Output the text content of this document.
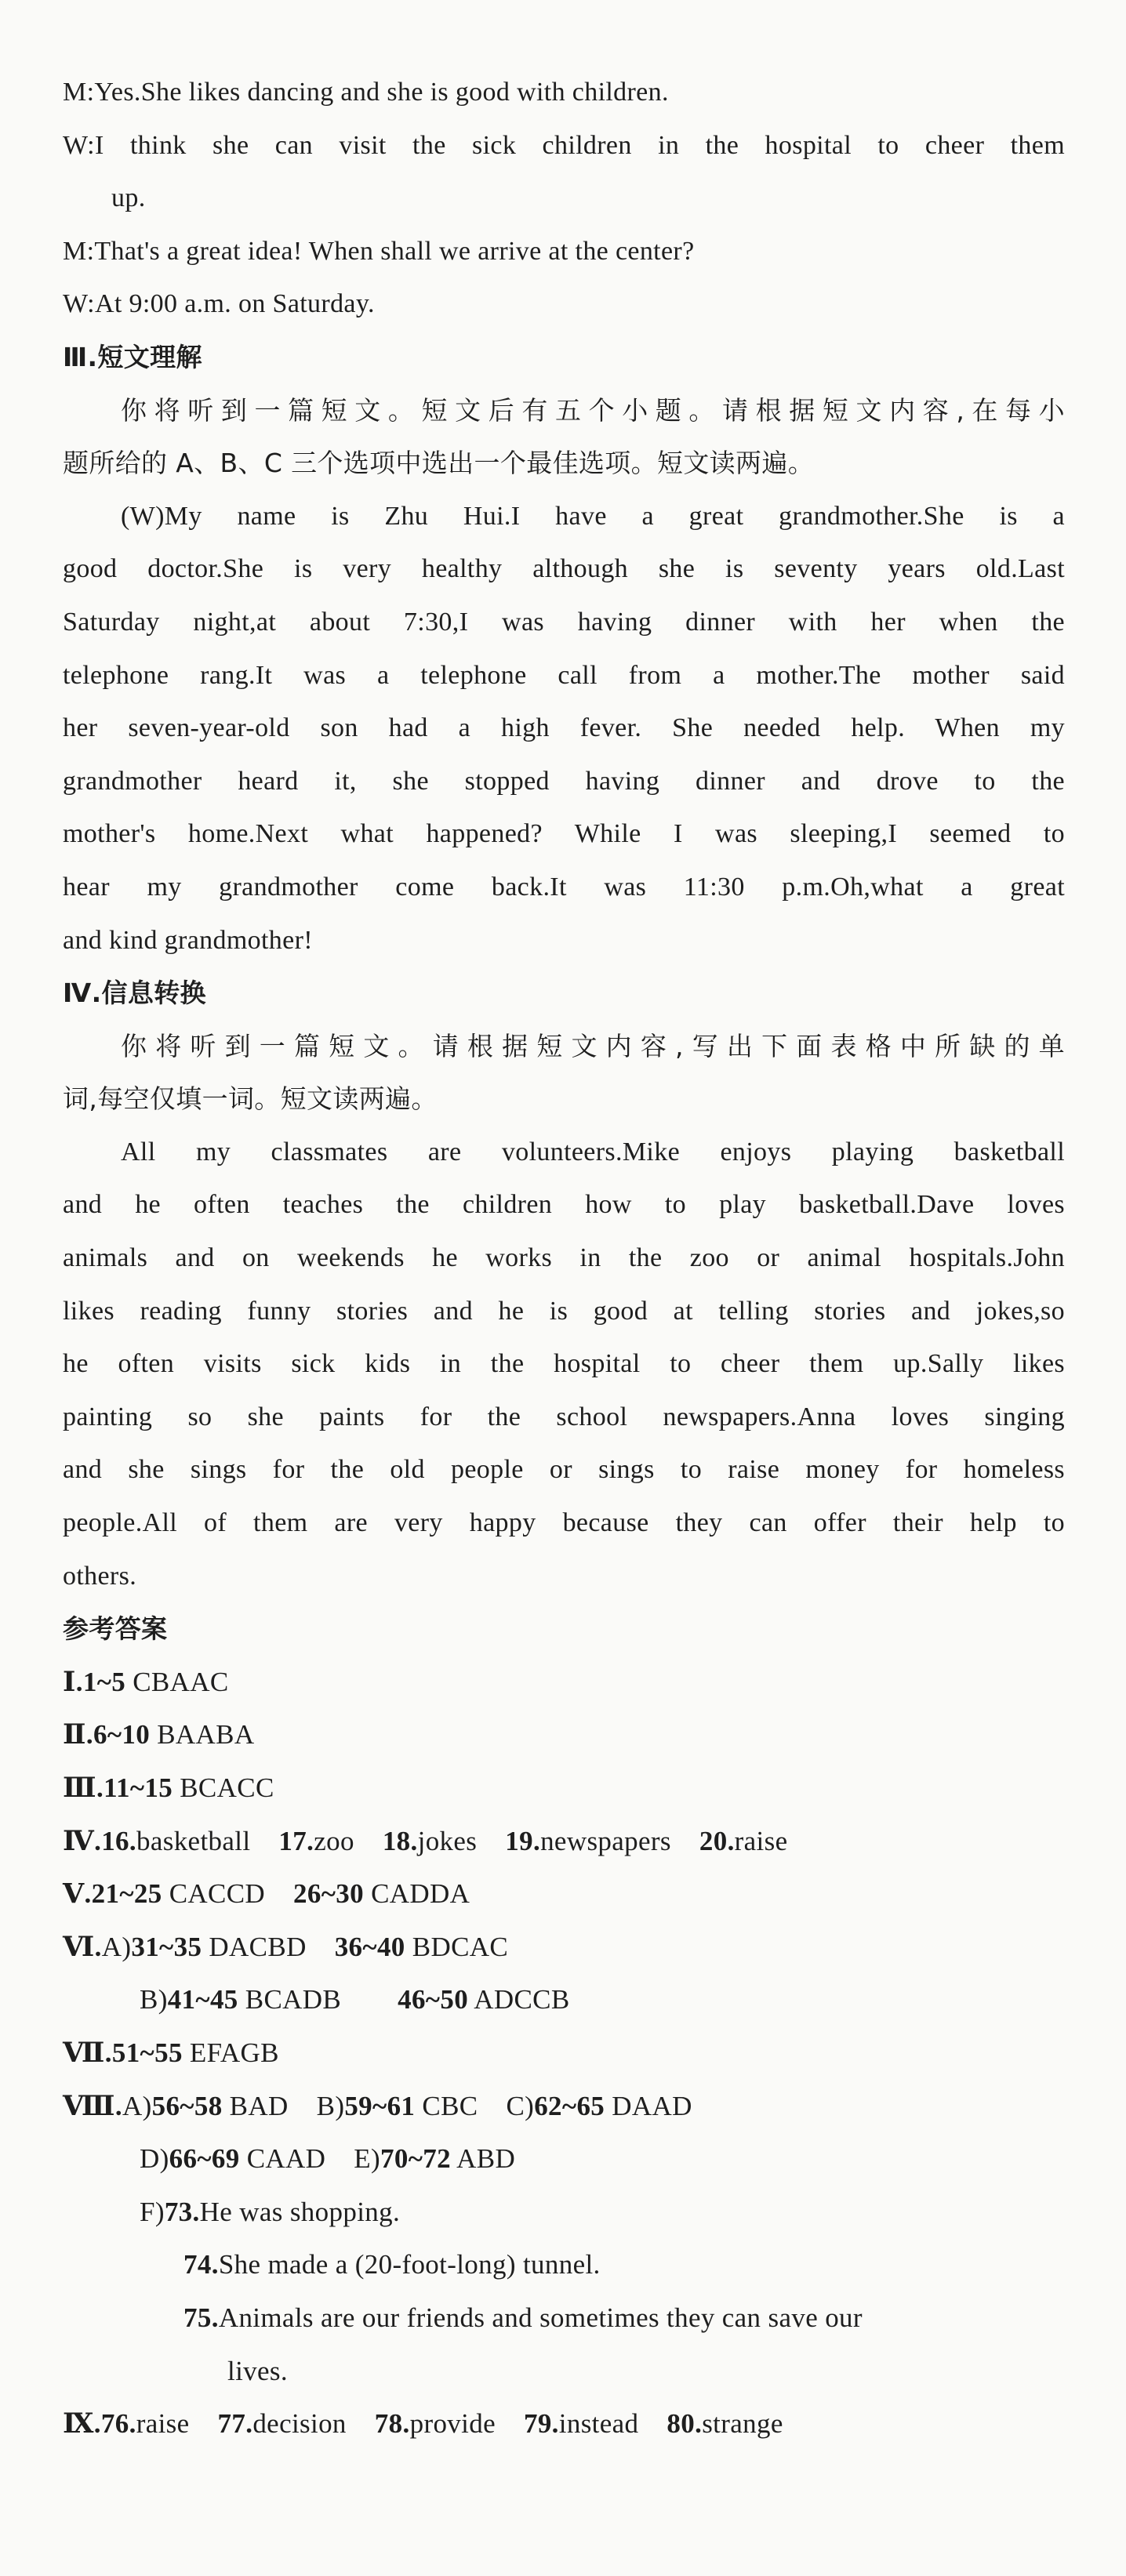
M:Yes.She likes dancing and she is good with children.
W:I think she can visit the sick children in the hospital to cheer them
up.
M:That's a great idea! When shall we arrive at the center?
W:At 9:00 a.m. on Saturday.
Ⅲ.短文理解
你将听到一篇短文。短文后有五个小题。请根据短文内容,在每小
题所给的 A、B、C 三个选项中选出一个最佳选项。短文读两遍。
(W)My name is Zhu Hui.I have a great grandmother.She is a
good doctor.She is very healthy although she is seventy years old.Last
Saturday night,at about 7:30,I was having dinner with her when the
telephone rang.It was a telephone call from a mother.The mother said
her seven-year-old son had a high fever. She needed help. When my
grandmother heard it, she stopped having dinner and drove to the
mother's home.Next what happened? While I was sleeping,I seemed to
hear my grandmother come back.It was 11:30 p.m.Oh,what a great
and kind grandmother!
Ⅳ.信息转换
你将听到一篇短文。请根据短文内容,写出下面表格中所缺的单
词,每空仅填一词。短文读两遍。
All my classmates are volunteers.Mike enjoys playing basketball
and he often teaches the children how to play basketball.Dave loves
animals and on weekends he works in the zoo or animal hospitals.John
likes reading funny stories and he is good at telling stories and jokes,so
he often visits sick kids in the hospital to cheer them up.Sally likes
painting so she paints for the school newspapers.Anna loves singing
and she sings for the old people or sings to raise money for homeless
people.All of them are very happy because they can offer their help to
others.
参考答案
Ⅰ.1~5 CBAAC
Ⅱ.6~10 BAABA
Ⅲ.11~15 BCACC
Ⅳ.16.basketball 17.zoo 18.jokes 19.newspapers 20.raise
Ⅴ.21~25 CACCD 26~30 CADDA
Ⅵ.A)31~35 DACBD 36~40 BDCAC
B)41~45 BCADB 46~50 ADCCB
Ⅶ.51~55 EFAGB
Ⅷ.A)56~58 BAD B)59~61 CBC C)62~65 DAAD
D)66~69 CAAD E)70~72 ABD
F)73.He was shopping.
74.She made a (20-foot-long) tunnel.
75.Animals are our friends and sometimes they can save our
lives.
Ⅸ.76.raise 77.decision 78.provide 79.instead 80.strange
